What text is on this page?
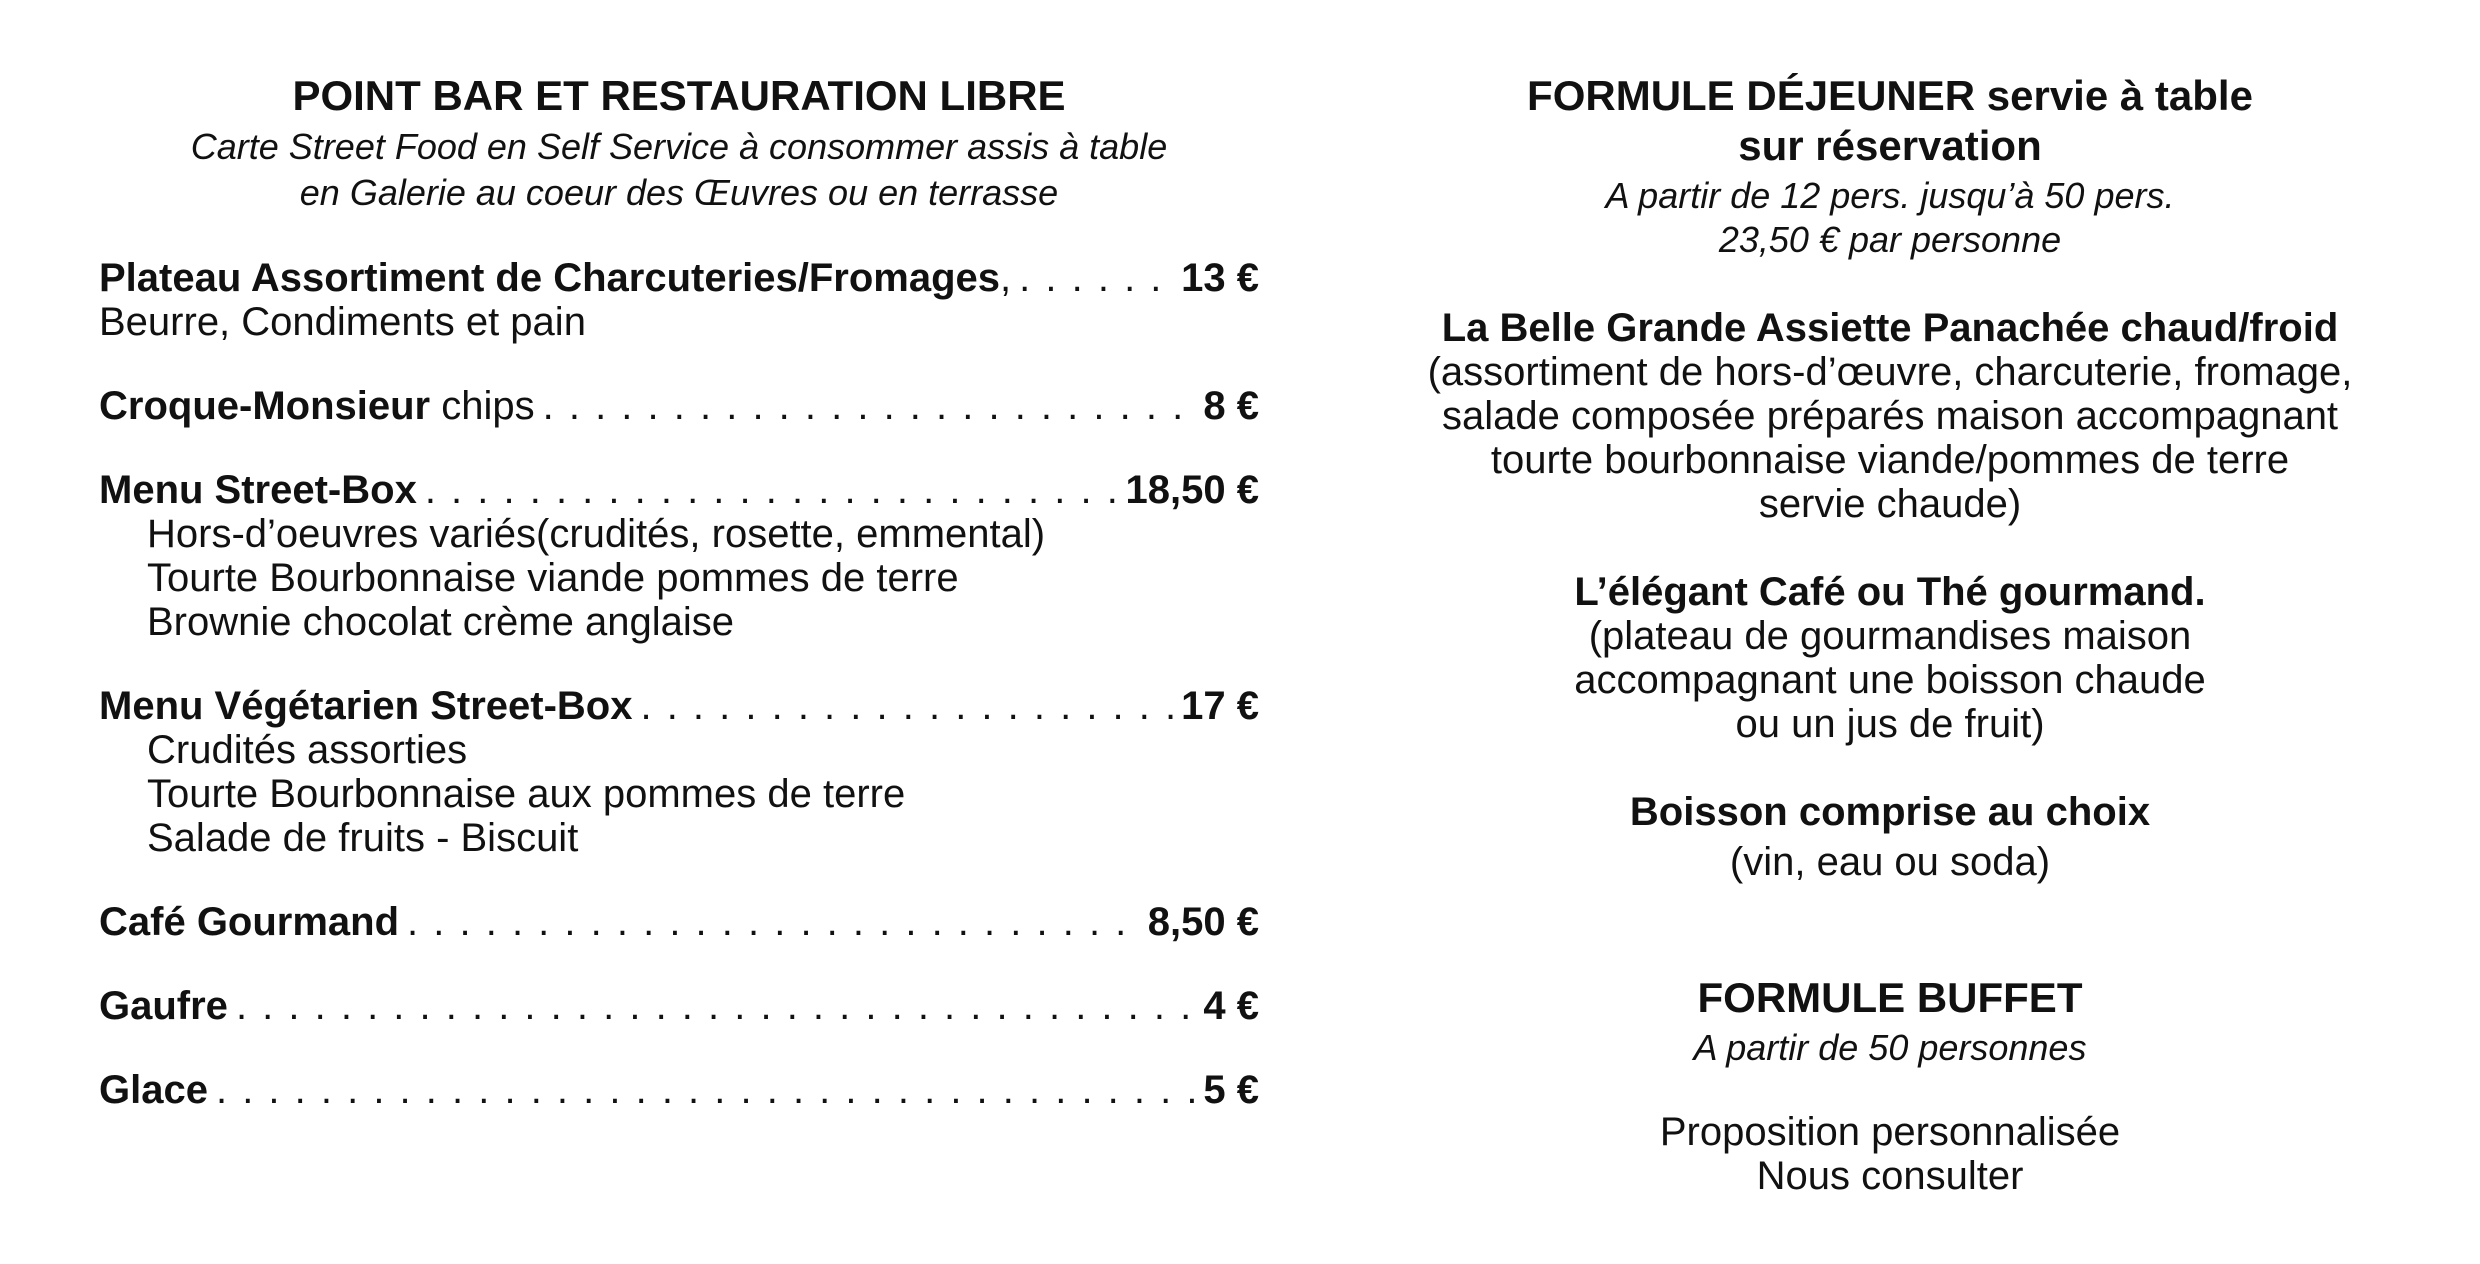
POINT BAR ET RESTAURATION LIBRE
Carte Street Food en Self Service à consommer assis à table
en Galerie au coeur des Œuvres ou en terrasse
Plateau Assortiment de Charcuteries/Fromages, . . .	13 €
Beurre, Condiments et pain
Croque-Monsieur chips . . .	8 €
Menu Street-Box . . .	18,50 €
Hors-d’oeuvres variés(crudités, rosette, emmental)
Tourte Bourbonnaise viande pommes de terre
Brownie chocolat crème anglaise
Menu Végétarien Street-Box . . .	17 €
Crudités assorties
Tourte Bourbonnaise aux pommes de terre
Salade de fruits - Biscuit
Café Gourmand . . .	8,50 €
Gaufre . . .	4 €
Glace . . .	5 €
FORMULE DÉJEUNER servie à table
sur réservation
A partir de 12 pers. jusqu’à 50 pers.
23,50 € par personne
La Belle Grande Assiette Panachée chaud/froid
(assortiment de hors-d’œuvre, charcuterie, fromage,
salade composée préparés maison accompagnant
tourte bourbonnaise viande/pommes de terre
servie chaude)
L’élégant Café ou Thé gourmand.
(plateau de gourmandises maison
accompagnant une boisson chaude
ou un jus de fruit)
Boisson comprise au choix
(vin, eau ou soda)
FORMULE BUFFET
A partir de 50 personnes
Proposition personnalisée
Nous consulter
